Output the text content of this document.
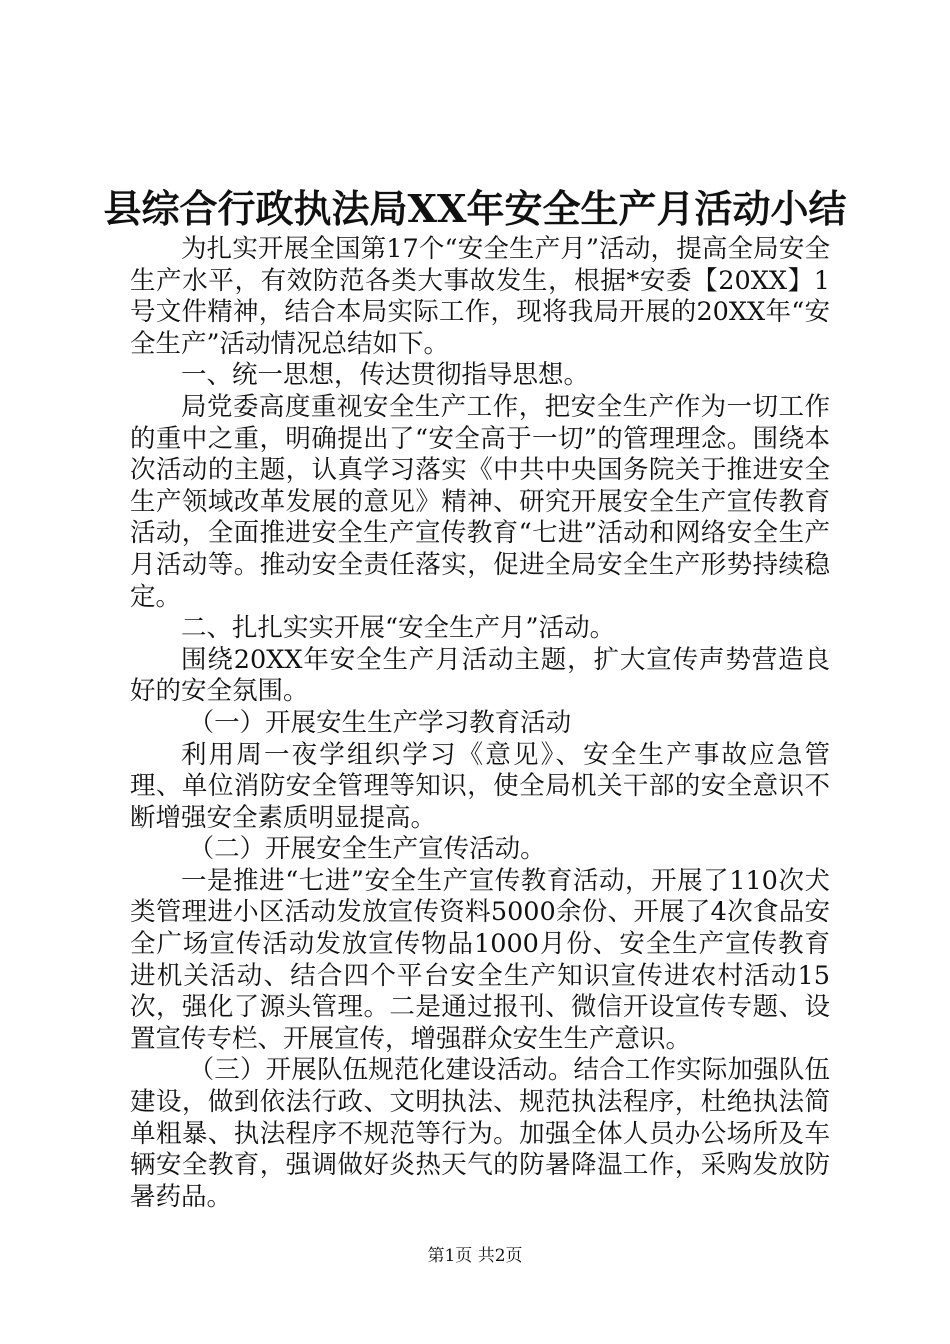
县综合行政执法局XX年安全生产月活动小结

为扎实开展全国第17个“安全生产月”活动，提高全局安全生产水平，有效防范各类大事故发生，根据*安委【20XX】1号文件精神，结合本局实际工作，现将我局开展的20XX年“安全生产”活动情况总结如下。

一、统一思想，传达贯彻指导思想。

局党委高度重视安全生产工作，把安全生产作为一切工作的重中之重，明确提出了“安全高于一切”的管理理念。围绕本次活动的主题，认真学习落实《中共中央国务院关于推进安全生产领域改革发展的意见》精神、研究开展安全生产宣传教育活动，全面推进安全生产宣传教育“七进”活动和网络安全生产月活动等。推动安全责任落实，促进全局安全生产形势持续稳定。

二、扎扎实实开展“安全生产月”活动。

围绕20XX年安全生产月活动主题，扩大宣传声势营造良好的安全氛围。

（一）开展安生生产学习教育活动

利用周一夜学组织学习《意见》、安全生产事故应急管理、单位消防安全管理等知识，使全局机关干部的安全意识不断增强安全素质明显提高。

（二）开展安全生产宣传活动。

一是推进“七进”安全生产宣传教育活动，开展了110次犬类管理进小区活动发放宣传资料5000余份、开展了4次食品安全广场宣传活动发放宣传物品1000月份、安全生产宣传教育进机关活动、结合四个平台安全生产知识宣传进农村活动15次，强化了源头管理。二是通过报刊、微信开设宣传专题、设置宣传专栏、开展宣传，增强群众安生生产意识。

（三）开展队伍规范化建设活动。结合工作实际加强队伍建设，做到依法行政、文明执法、规范执法程序，杜绝执法简单粗暴、执法程序不规范等行为。加强全体人员办公场所及车辆安全教育，强调做好炎热天气的防暑降温工作，采购发放防暑药品。

第1页 共2页
